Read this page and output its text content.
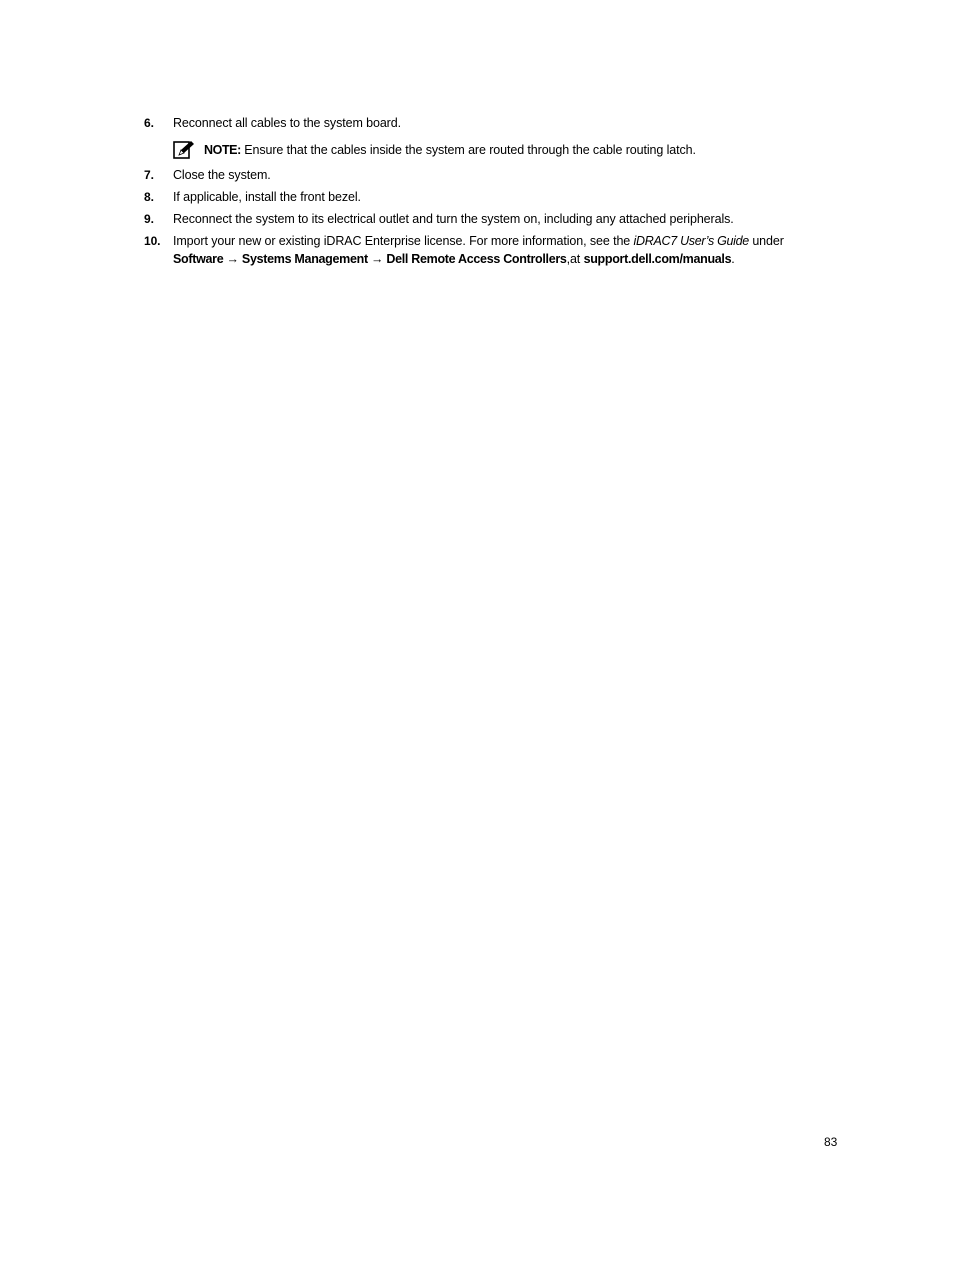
6.	Reconnect all cables to the system board.
NOTE: Ensure that the cables inside the system are routed through the cable routing latch.
7.	Close the system.
8.	If applicable, install the front bezel.
9.	Reconnect the system to its electrical outlet and turn the system on, including any attached peripherals.
10.	Import your new or existing iDRAC Enterprise license. For more information, see the iDRAC7 User’s Guide under
Software → Systems Management → Dell Remote Access Controllers,at support.dell.com/manuals.
83
